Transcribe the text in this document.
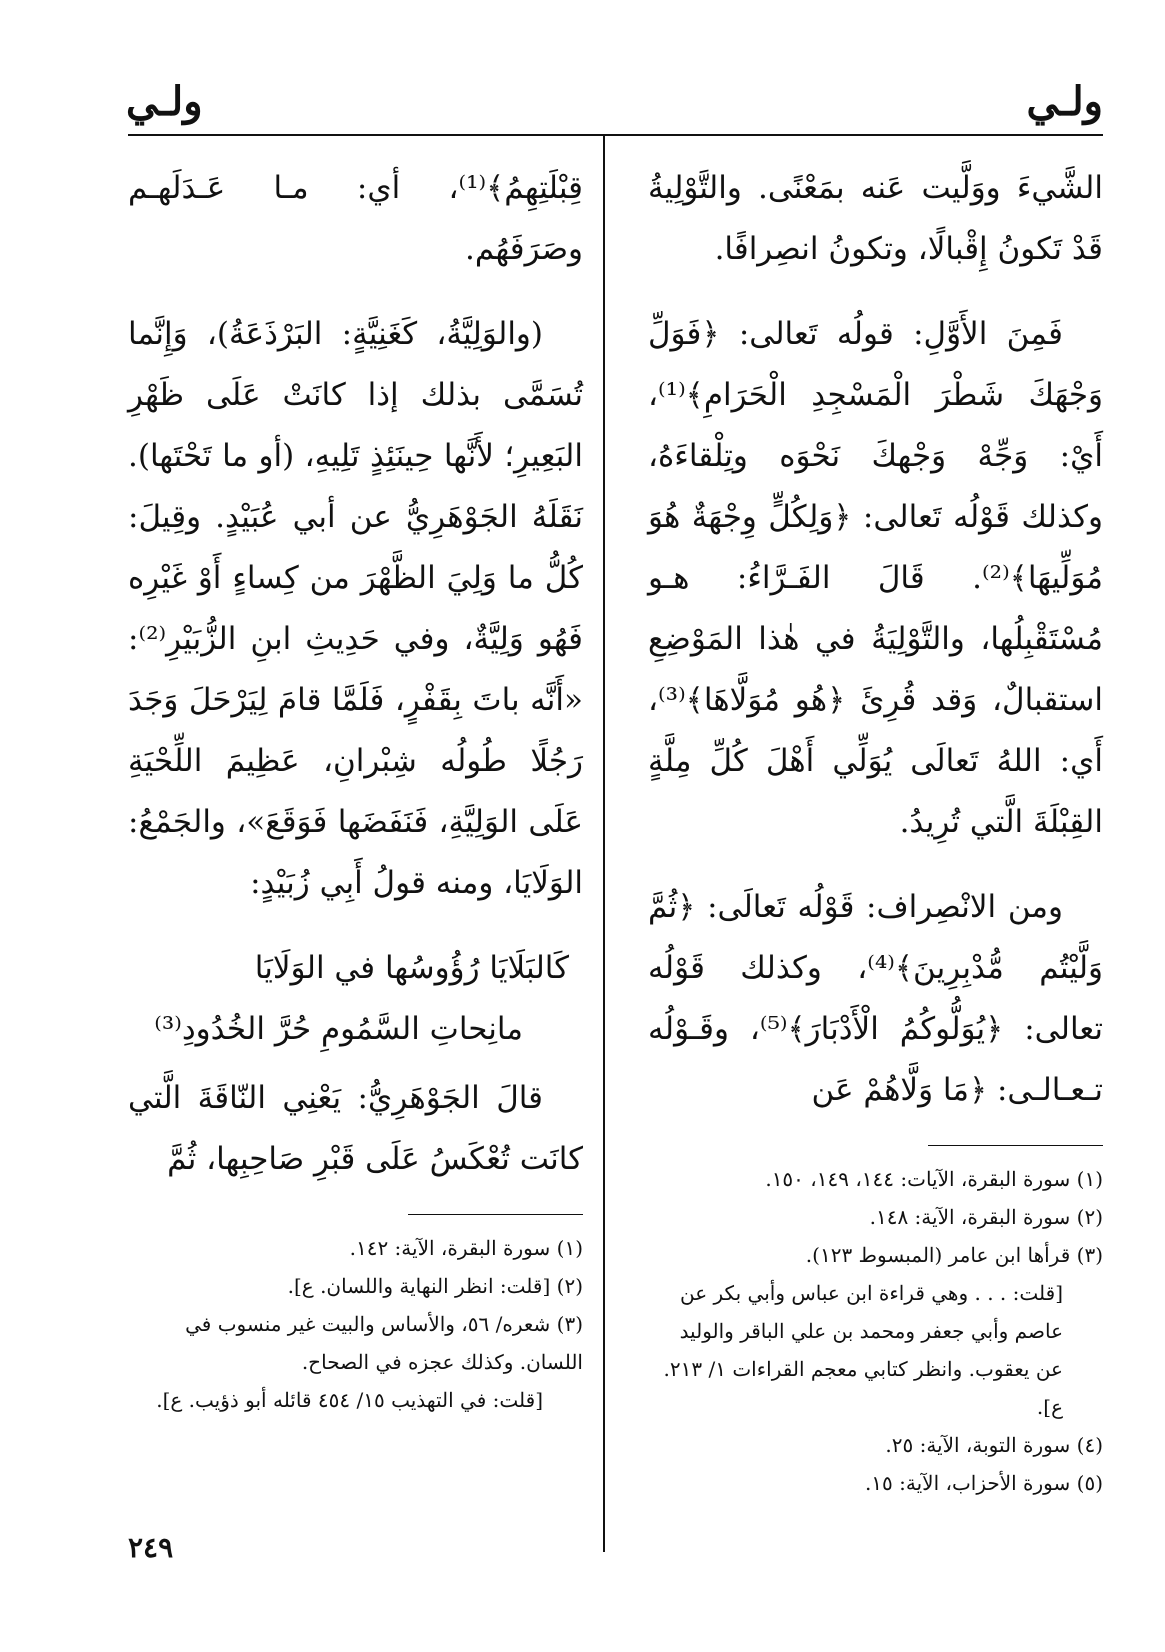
ولـي
ولـي

الشَّيءَ ووَلَّيت عَنه بمَعْنًى. والتَّوْلِيةُ قَدْ تَكونُ إِقْبالًا، وتكونُ انصِرافًا.

فَمِنَ الأَوَّلِ: قولُه تَعالى: ﴿فَوَلِّ وَجْهَكَ شَطْرَ الْمَسْجِدِ الْحَرَامِ﴾⁽¹⁾، أَيْ: وَجِّهْ وَجْهكَ نَحْوَه وتِلْقاءَهُ، وكذلك قَوْلُه تَعالى: ﴿وَلِكُلٍّ وِجْهَةٌ هُوَ مُوَلِّيهَا﴾⁽²⁾. قَالَ الفَـرَّاءُ: هـو مُسْتَقْبِلُها، والتَّوْلِيَةُ في هٰذا المَوْضِعِ استقبالٌ، وَقد قُرِئَ ﴿هُو مُوَلَّاهَا﴾⁽³⁾، أَي: اللهُ تَعالَى يُوَلِّي أَهْلَ كُلِّ مِلَّةٍ القِبْلَةَ الَّتي تُرِيدُ.

ومن الانْصِراف: قَوْلُه تَعالَى: ﴿ثُمَّ وَلَّيْتُم مُّدْبِرِينَ﴾⁽⁴⁾، وكذلك قَوْلُه تعالى: ﴿يُوَلُّوكُمُ الْأَدْبَارَ﴾⁽⁵⁾، وقَـوْلُه تـعـالـى: ﴿مَا وَلَّاهُمْ عَن

(١) سورة البقرة، الآيات: ١٤٤، ١٤٩، ١٥٠.

(٢) سورة البقرة، الآية: ١٤٨.

(٣) قرأها ابن عامر (المبسوط ١٢٣).

[قلت: . . . وهي قراءة ابن عباس وأبي بكر عن عاصم وأبي جعفر ومحمد بن علي الباقر والوليد عن يعقوب. وانظر كتابي معجم القراءات ١/ ٢١٣. ع].

(٤) سورة التوبة، الآية: ٢٥.

(٥) سورة الأحزاب، الآية: ١٥.

قِبْلَتِهِمُ﴾⁽¹⁾، أي: مـا عَـدَلَهـم وصَرَفَهُم.

(والوَلِيَّةُ، كَغَنِيَّةٍ: البَرْذَعَةُ)، وَإِنَّما تُسَمَّى بذلك إذا كانَتْ عَلَى ظَهْرِ البَعِيرِ؛ لأَنَّها حِينَئِذٍ تَلِيهِ، (أو ما تَحْتَها). نَقَلَهُ الجَوْهَرِيُّ عن أبي عُبَيْدٍ. وقِيلَ: كُلُّ ما وَلِيَ الظَّهْرَ من كِساءٍ أَوْ غَيْرِه فَهُو وَلِيَّةٌ، وفي حَدِيثِ ابنِ الزُّبَيْرِ⁽²⁾: «أَنَّه باتَ بِقَفْرٍ، فَلَمَّا قامَ لِيَرْحَلَ وَجَدَ رَجُلًا طُولُه شِبْرانِ، عَظِيمَ اللِّحْيَةِ عَلَى الوَلِيَّةِ، فَنَفَضَها فَوَقَعَ»، والجَمْعُ: الوَلَايَا، ومنه قولُ أَبِي زُبَيْدٍ:

كَالبَلَايَا رُؤُوسُها في الوَلَايَا

مانِحاتِ السَّمُومِ حُرَّ الخُدُودِ⁽³⁾

قالَ الجَوْهَرِيُّ: يَعْنِي النّاقَةَ الَّتي كانَت تُعْكَسُ عَلَى قَبْرِ صَاحِبِها، ثُمَّ

(١) سورة البقرة، الآية: ١٤٢.

(٢) [قلت: انظر النهاية واللسان. ع].

(٣) شعره/ ٥٦، والأساس والبيت غير منسوب في اللسان. وكذلك عجزه في الصحاح.

[قلت: في التهذيب ١٥/ ٤٥٤ قائله أبو ذؤيب. ع].

٢٤٩
